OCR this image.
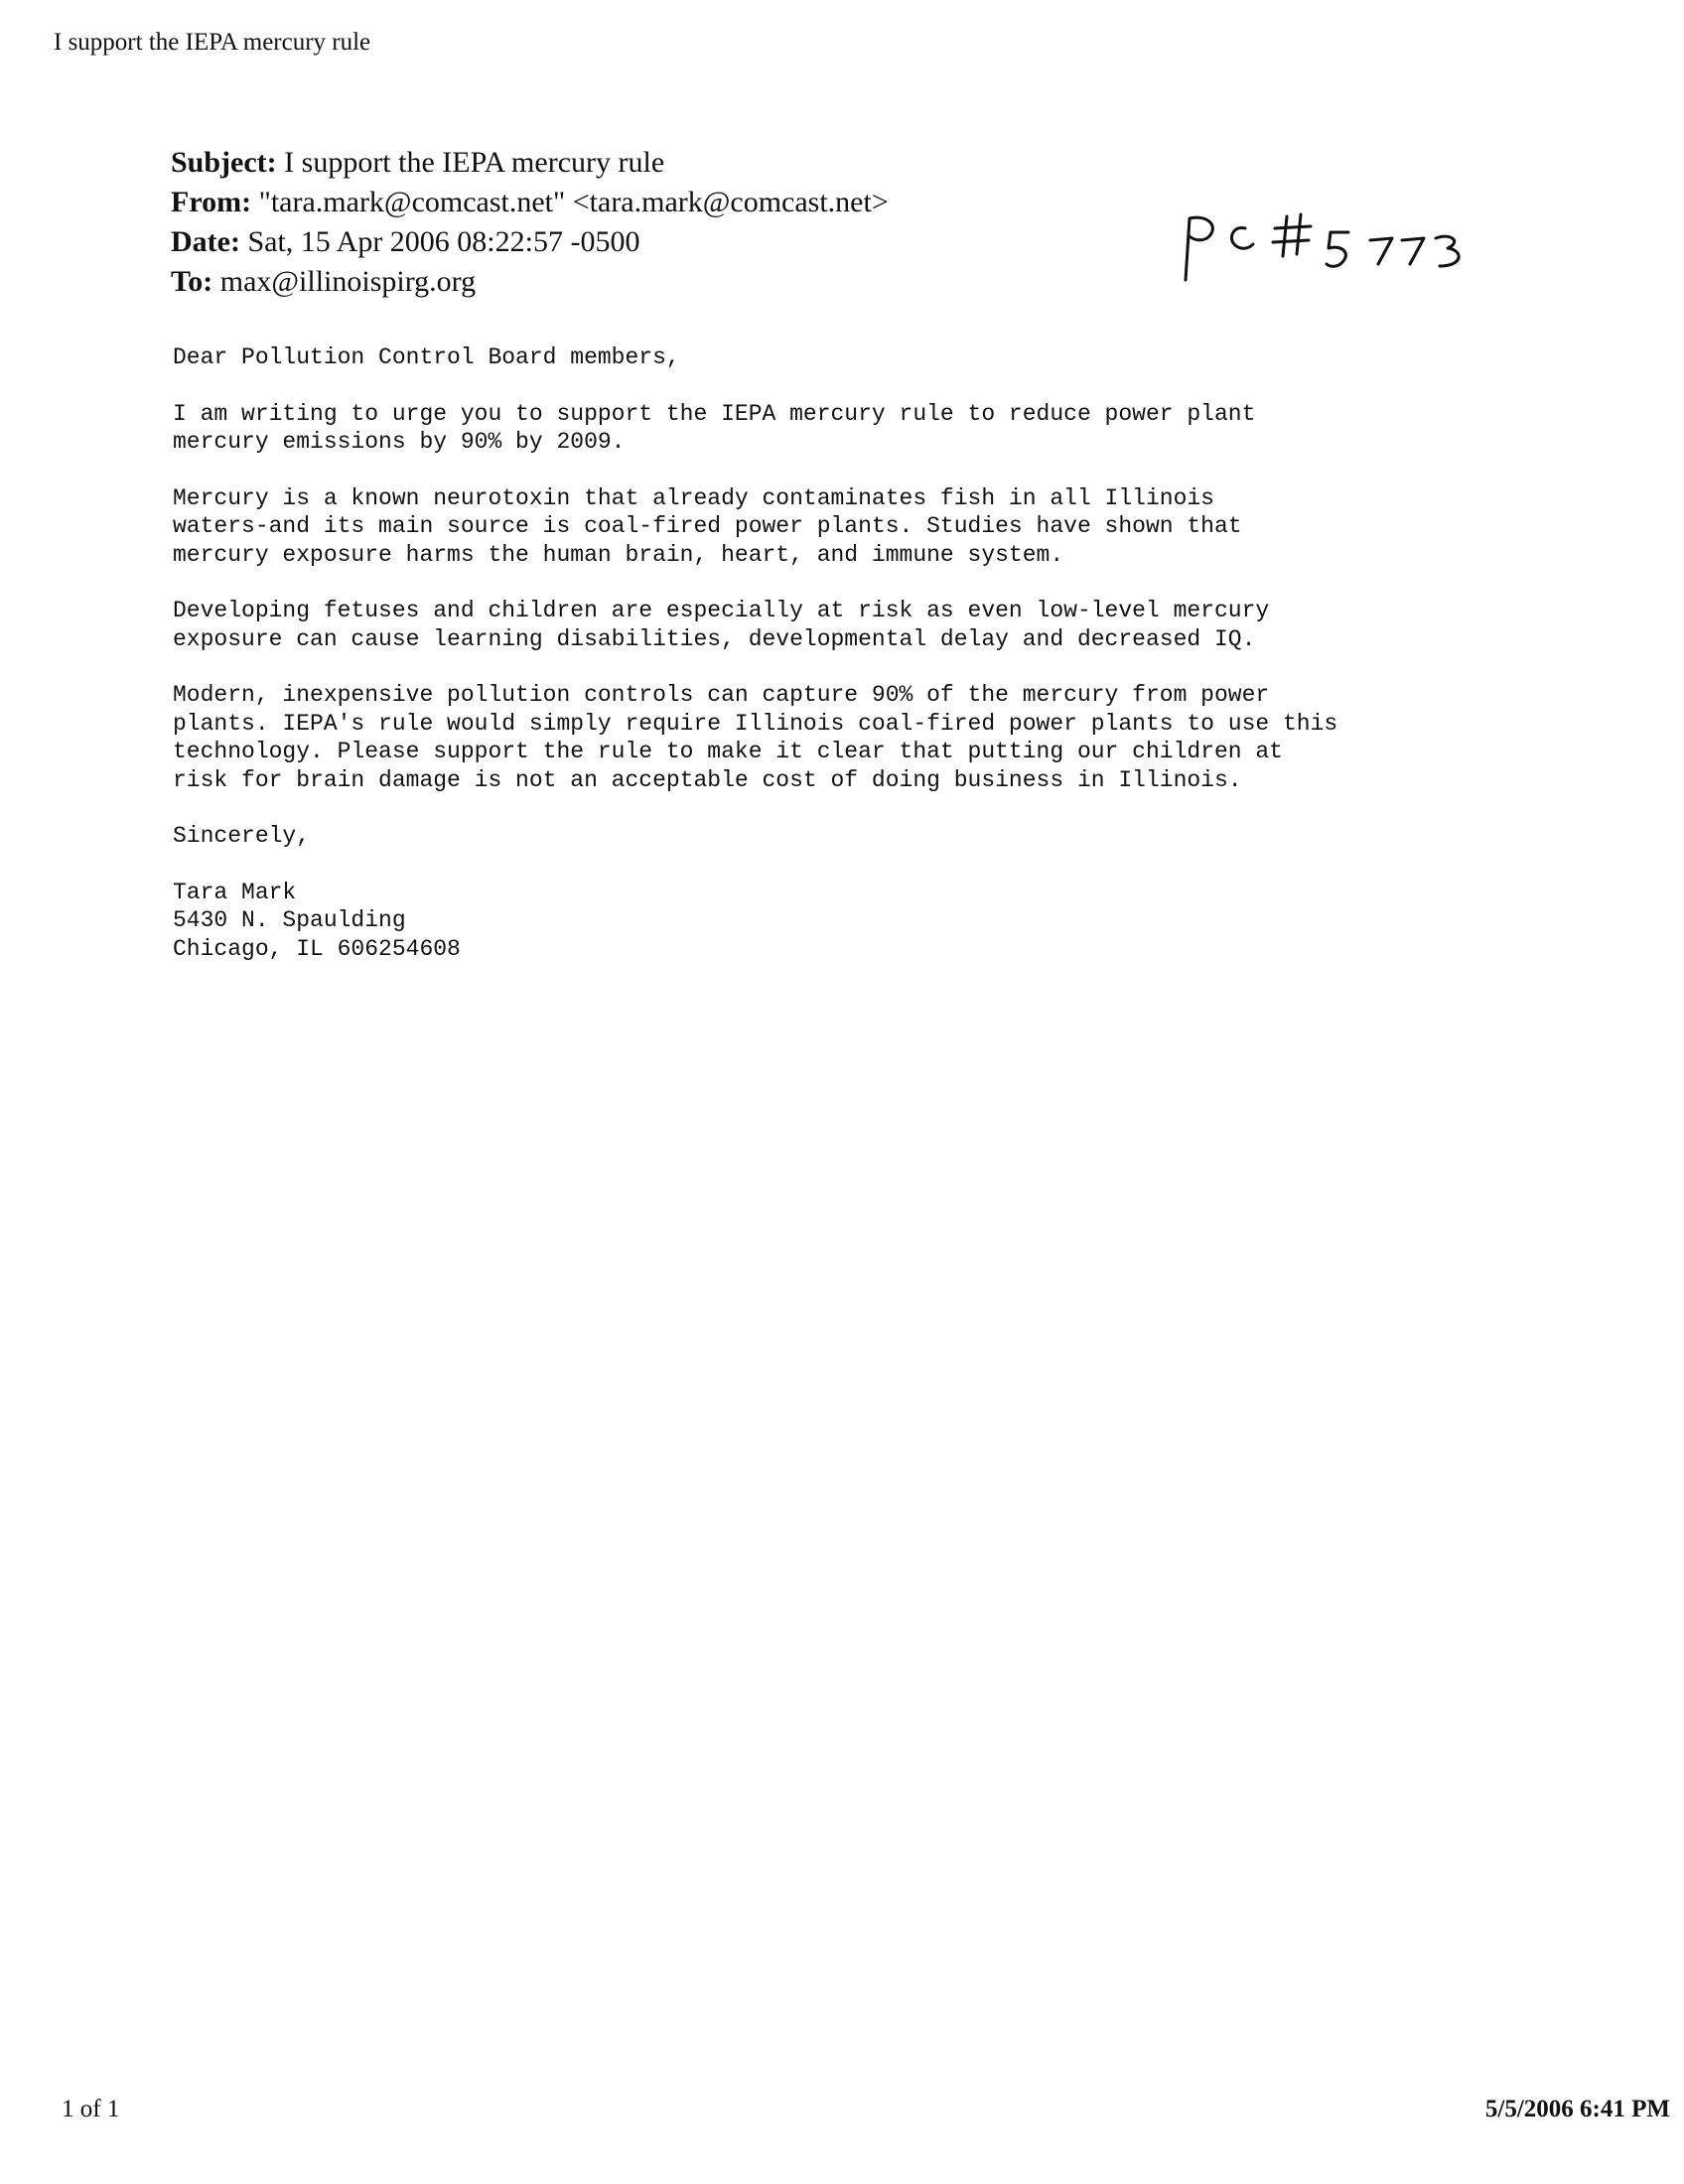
I support the IEPA mercury rule
Subject: I support the IEPA mercury rule
From: "tara.mark@comcast.net" <tara.mark@comcast.net>
Date: Sat, 15 Apr 2006 08:22:57 -0500
To: max@illinoispirg.org

Dear Pollution Control Board members,

I am writing to urge you to support the IEPA mercury rule to reduce power plant
mercury emissions by 90% by 2009.

Mercury is a known neurotoxin that already contaminates fish in all Illinois
waters-and its main source is coal-fired power plants. Studies have shown that
mercury exposure harms the human brain, heart, and immune system.

Developing fetuses and children are especially at risk as even low-level mercury
exposure can cause learning disabilities, developmental delay and decreased IQ.

Modern, inexpensive pollution controls can capture 90% of the mercury from power
plants. IEPA's rule would simply require Illinois coal-fired power plants to use this
technology. Please support the rule to make it clear that putting our children at
risk for brain damage is not an acceptable cost of doing business in Illinois.

Sincerely,

Tara Mark
5430 N. Spaulding
Chicago, IL 606254608
1 of 1	5/5/2006 6:41 PM
